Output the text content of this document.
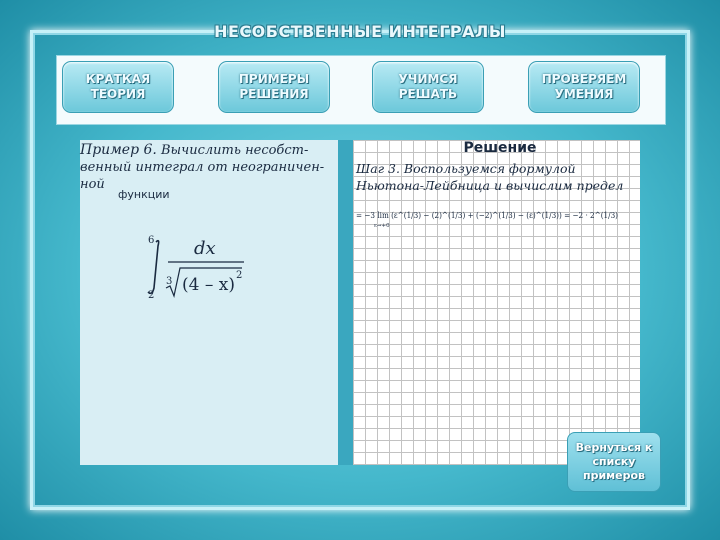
НЕСОБСТВЕННЫЕ ИНТЕГРАЛЫ
КРАТКАЯ
ТЕОРИЯ
ПРИМЕРЫ
РЕШЕНИЯ
УЧИМСЯ
РЕШАТЬ
ПРОВЕРЯЕМ
УМЕНИЯ
Пример 6. Вычислить несобст-
венный интеграл от неограничен-
ной
функции
6
2
dx
3 (4 – x) 2
Решение
Шаг 3. Воспользуемся формулой
Ньютона-Лейбница и вычислим предел
= −3 lim (ε^(1/3) − (2)^(1/3) + (−2)^(1/3) − (ε)^(1/3)) = −2 · 2^(1/3)
ε→+0
Вернуться к
списку
примеров
